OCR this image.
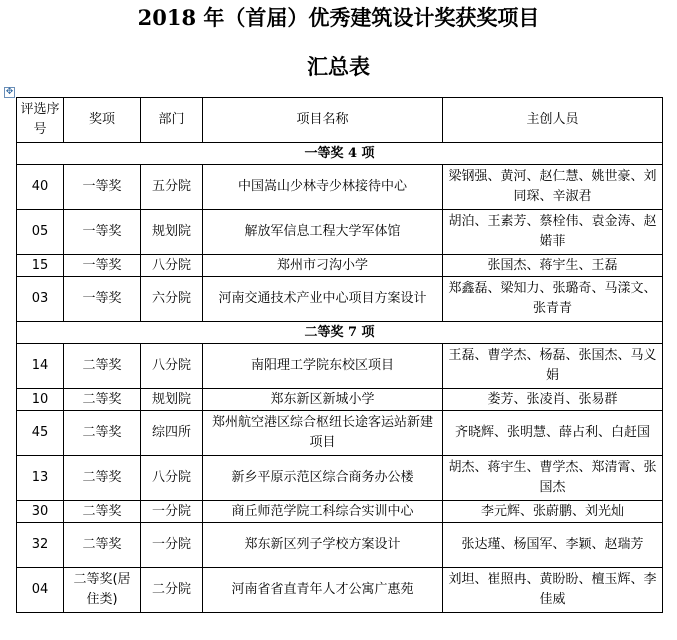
2018 年（首届）优秀建筑设计奖获奖项目
汇总表
✥
评选序号	奖项	部门	项目名称	主创人员
一等奖 4 项				
40	一等奖	五分院	中国嵩山少林寺少林接待中心	梁钢强、黄河、赵仁慧、姚世豪、刘同琛、辛淑君
05	一等奖	规划院	解放军信息工程大学军体馆	胡泊、王素芳、蔡栓伟、袁金涛、赵婼菲
15	一等奖	八分院	郑州市刁沟小学	张国杰、蒋宇生、王磊
03	一等奖	六分院	河南交通技术产业中心项目方案设计	郑鑫磊、梁知力、张璐奇、马漾文、张青青
二等奖 7 项				
14	二等奖	八分院	南阳理工学院东校区项目	王磊、曹学杰、杨磊、张国杰、马义娟
10	二等奖	规划院	郑东新区新城小学	娄芳、张凌肖、张易群
45	二等奖	综四所	郑州航空港区综合枢纽长途客运站新建项目	齐晓辉、张明慧、薛占利、白赶国
13	二等奖	八分院	新乡平原示范区综合商务办公楼	胡杰、蒋宇生、曹学杰、郑清霄、张国杰
30	二等奖	一分院	商丘师范学院工科综合实训中心	李元辉、张蔚鹏、刘光灿
32	二等奖	一分院	郑东新区列子学校方案设计	张达瑾、杨国军、李颖、赵瑞芳
04	二等奖(居住类)	二分院	河南省省直青年人才公寓广惠苑	刘坦、崔照冉、黄盼盼、檀玉辉、李佳威
